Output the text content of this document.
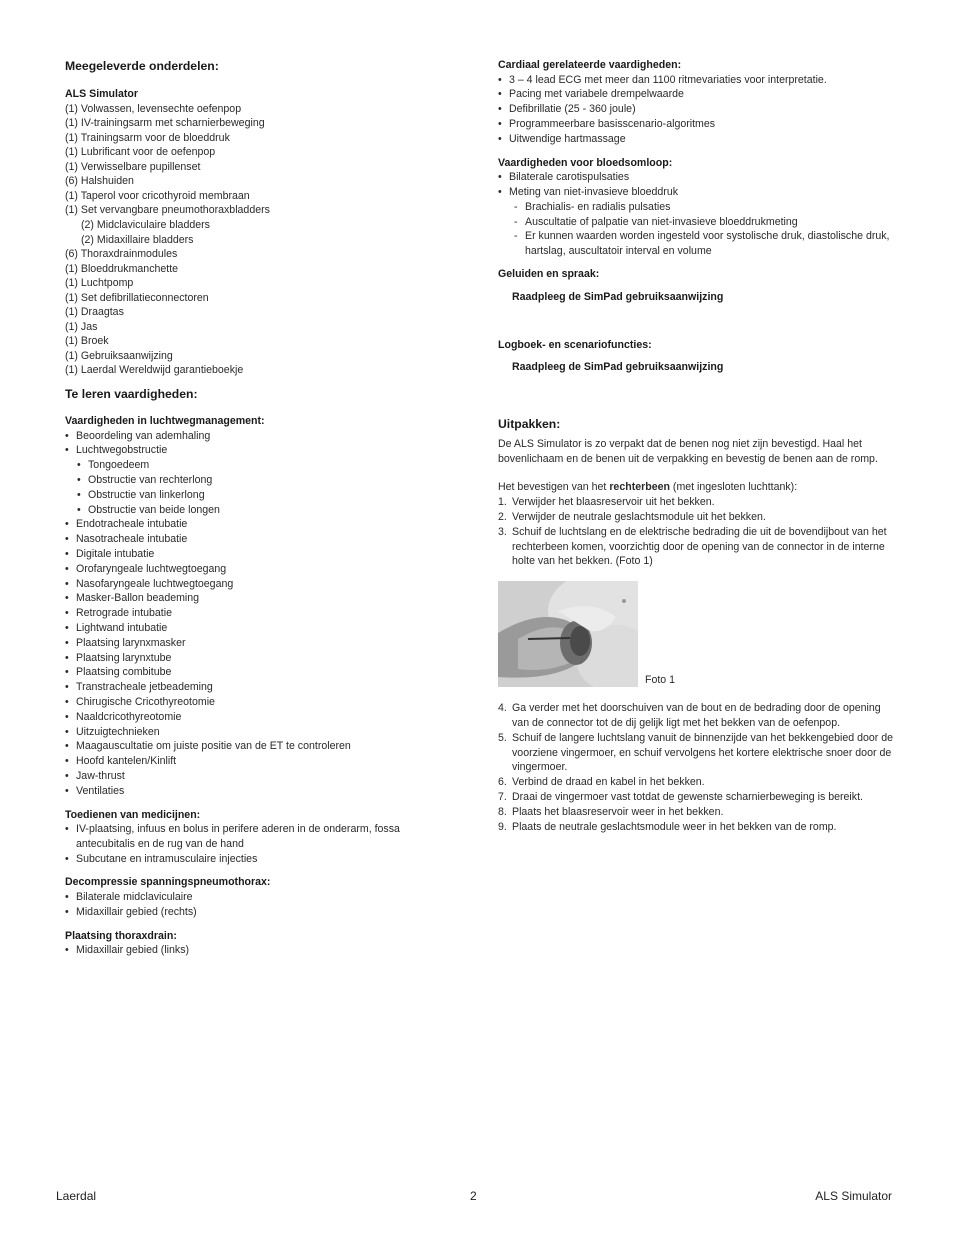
Meegeleverde onderdelen:
ALS Simulator
(1) Volwassen, levensechte oefenpop
(1) IV-trainingsarm met scharnierbeweging
(1) Trainingsarm voor de bloeddruk
(1) Lubrificant voor de oefenpop
(1) Verwisselbare pupillenset
(6) Halshuiden
(1) Taperol voor cricothyroid membraan
(1) Set vervangbare pneumothoraxbladders
(2) Midclaviculaire bladders
(2) Midaxillaire bladders
(6) Thoraxdrainmodules
(1) Bloeddrukmanchette
(1) Luchtpomp
(1) Set defibrillatieconnectoren
(1) Draagtas
(1) Jas
(1) Broek
(1) Gebruiksaanwijzing
(1) Laerdal Wereldwijd garantieboekje
Te leren vaardigheden:
Vaardigheden in luchtwegmanagement:
• Beoordeling van ademhaling
• Luchtwegobstructie
• Tongoedeem
• Obstructie van rechterlong
• Obstructie van linkerlong
• Obstructie van beide longen
• Endotracheale intubatie
• Nasotracheale intubatie
• Digitale intubatie
• Orofaryngeale luchtwegtoegang
• Nasofaryngeale luchtwegtoegang
• Masker-Ballon beademing
• Retrograde intubatie
• Lightwand intubatie
• Plaatsing larynxmasker
• Plaatsing larynxtube
• Plaatsing combitube
• Transtracheale jetbeademing
• Chirugische Cricothyreotomie
• Naaldcricothyreotomie
• Uitzuigtechnieken
• Maagauscultatie om juiste positie van de ET te controleren
• Hoofd kantelen/Kinlift
• Jaw-thrust
• Ventilaties
Toedienen van medicijnen:
• IV-plaatsing, infuus en bolus in perifere aderen in de onderarm, fossa antecubitalis en de rug van de hand
• Subcutane en intramusculaire injecties
Decompressie spanningspneumothorax:
• Bilaterale midclaviculaire
• Midaxillair gebied (rechts)
Plaatsing thoraxdrain:
• Midaxillair gebied (links)
Cardiaal gerelateerde vaardigheden:
• 3 – 4 lead ECG met meer dan 1100 ritmevariaties voor interpretatie.
• Pacing met variabele drempelwaarde
• Defibrillatie (25 - 360 joule)
• Programmeerbare basisscenario-algoritmes
• Uitwendige hartmassage
Vaardigheden voor bloedsomloop:
• Bilaterale carotispulsaties
• Meting van niet-invasieve bloeddruk
- Brachialis- en radialis pulsaties
- Auscultatie of palpatie van niet-invasieve bloeddrukmeting
- Er kunnen waarden worden ingesteld voor systolische druk, diastolische druk, hartslag, auscultatoir interval en volume
Geluiden en spraak:
Raadpleeg de SimPad gebruiksaanwijzing
Logboek- en scenariofuncties:
Raadpleeg de SimPad gebruiksaanwijzing
Uitpakken:
De ALS Simulator is zo verpakt dat de benen nog niet zijn bevestigd. Haal het bovenlichaam en de benen uit de verpakking en bevestig de benen aan de romp.
Het bevestigen van het rechterbeen (met ingesloten luchttank):
1. Verwijder het blaasreservoir uit het bekken.
2. Verwijder de neutrale geslachtsmodule uit het bekken.
3. Schuif de luchtslang en de elektrische bedrading die uit de bovendijbout van het rechterbeen komen, voorzichtig door de opening van de connector in de interne holte van het bekken. (Foto 1)
Foto 1
4. Ga verder met het doorschuiven van de bout en de bedrading door de opening van de connector tot de dij gelijk ligt met het bekken van de oefenpop.
5. Schuif de langere luchtslang vanuit de binnenzijde van het bekkengebied door de voorziene vingermoer, en schuif vervolgens het kortere elektrische snoer door de vingermoer.
6. Verbind de draad en kabel in het bekken.
7. Draai de vingermoer vast totdat de gewenste scharnierbeweging is bereikt.
8. Plaats het blaasreservoir weer in het bekken.
9. Plaats de neutrale geslachtsmodule weer in het bekken van de romp.
Laerdal	2	ALS Simulator
